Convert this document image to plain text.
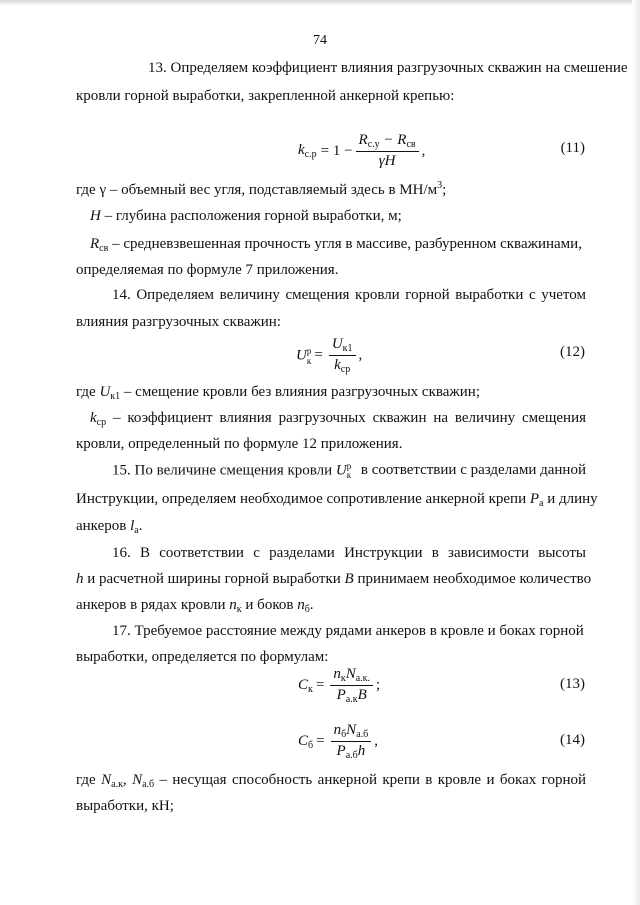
74
13. Определяем коэффициент влияния разгрузочных скважин на смешение
кровли горной выработки, закрепленной анкерной крепью:
$k_{с.р} = 1 - \frac{R_{с.у} - R_{св}}{\gamma H}$ ,	(11)
где γ – объемный вес угля, подставляемый здесь в $МН/м^3$;
H – глубина расположения горной выработки, м;
$R_{св}$ – средневзвешенная прочность угля в массиве, разбуренном скважинами,
определяемая по формуле 7 приложения.
14. Определяем величину смещения кровли горной выработки с учетом
влияния разгрузочных скважин:
U р
$к = \frac{U_{к1}}{k_{ср}}$ ,	(12)
где $U_{к1}$ – смещение кровли без влияния разгрузочных скважин;
$k_{ср}$ – коэффициент влияния разгрузочных скважин на величину смещения
кровли, определенный по формуле 12 приложения.
15. По величине смещения кровли U р
к в соответствии с разделами данной
Инструкции, определяем необходимое сопротивление анкерной крепи $P_а$ и длину
анкеров $l_а$.
16. В соответствии с разделами Инструкции в зависимости высоты
h и расчетной ширины горной выработки B принимаем необходимое количество
анкеров в рядах кровли $n_к$ и боков $n_б$.
17. Требуемое расстояние между рядами анкеров в кровле и боках горной
выработки, определяется по формулам:
$C_к = \frac{n_кN_{а.к.}}{P_{а.к}B}$ ;	(13)
$C_б = \frac{n_бN_{а.б}}{P_{а.б}h}$ ,	(14)
где $N_{а.к}$, $N_{а.б}$ – несущая способность анкерной крепи в кровле и боках горной
выработки, кН;
